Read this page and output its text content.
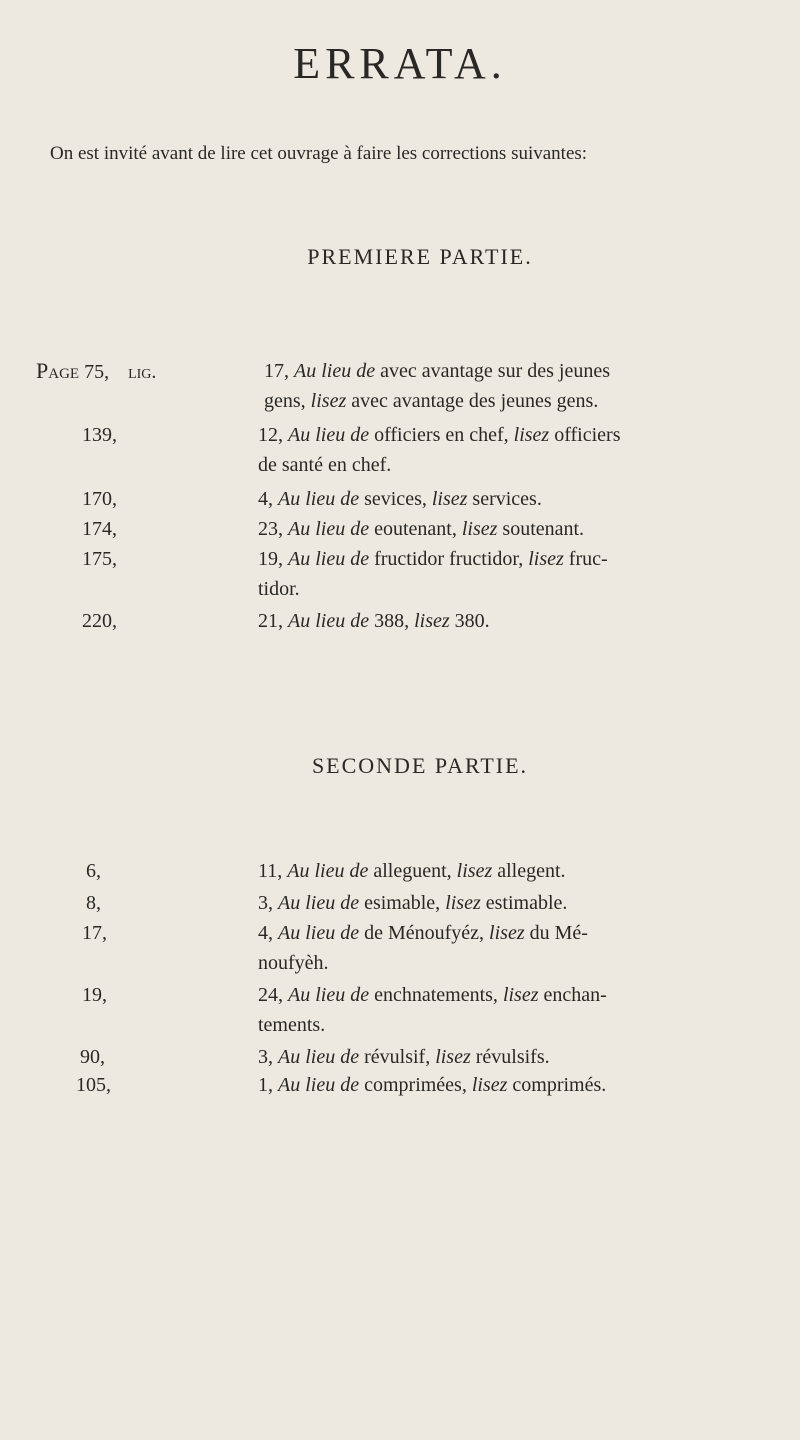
ERRATA.
On est invité avant de lire cet ouvrage à faire les corrections suivantes:
PREMIERE PARTIE.
Page 75, lig.	17, Au lieu de avec avantage sur des jeunes
gens, lisez avec avantage des jeunes gens.
139,	12, Au lieu de officiers en chef, lisez officiers
de santé en chef.
170,	4, Au lieu de sevices, lisez services.
174,	23, Au lieu de eoutenant, lisez soutenant.
175,	19, Au lieu de fructidor fructidor, lisez fruc-
tidor.
220,	21, Au lieu de 388, lisez 380.
SECONDE PARTIE.
6,	11, Au lieu de alleguent, lisez allegent.
8,	3, Au lieu de esimable, lisez estimable.
17,	4, Au lieu de de Ménoufyéz, lisez du Mé-
noufyèh.
19,	24, Au lieu de enchnatements, lisez enchan-
tements.
90,	3, Au lieu de révulsif, lisez révulsifs.
105,	1, Au lieu de comprimées, lisez comprimés.
